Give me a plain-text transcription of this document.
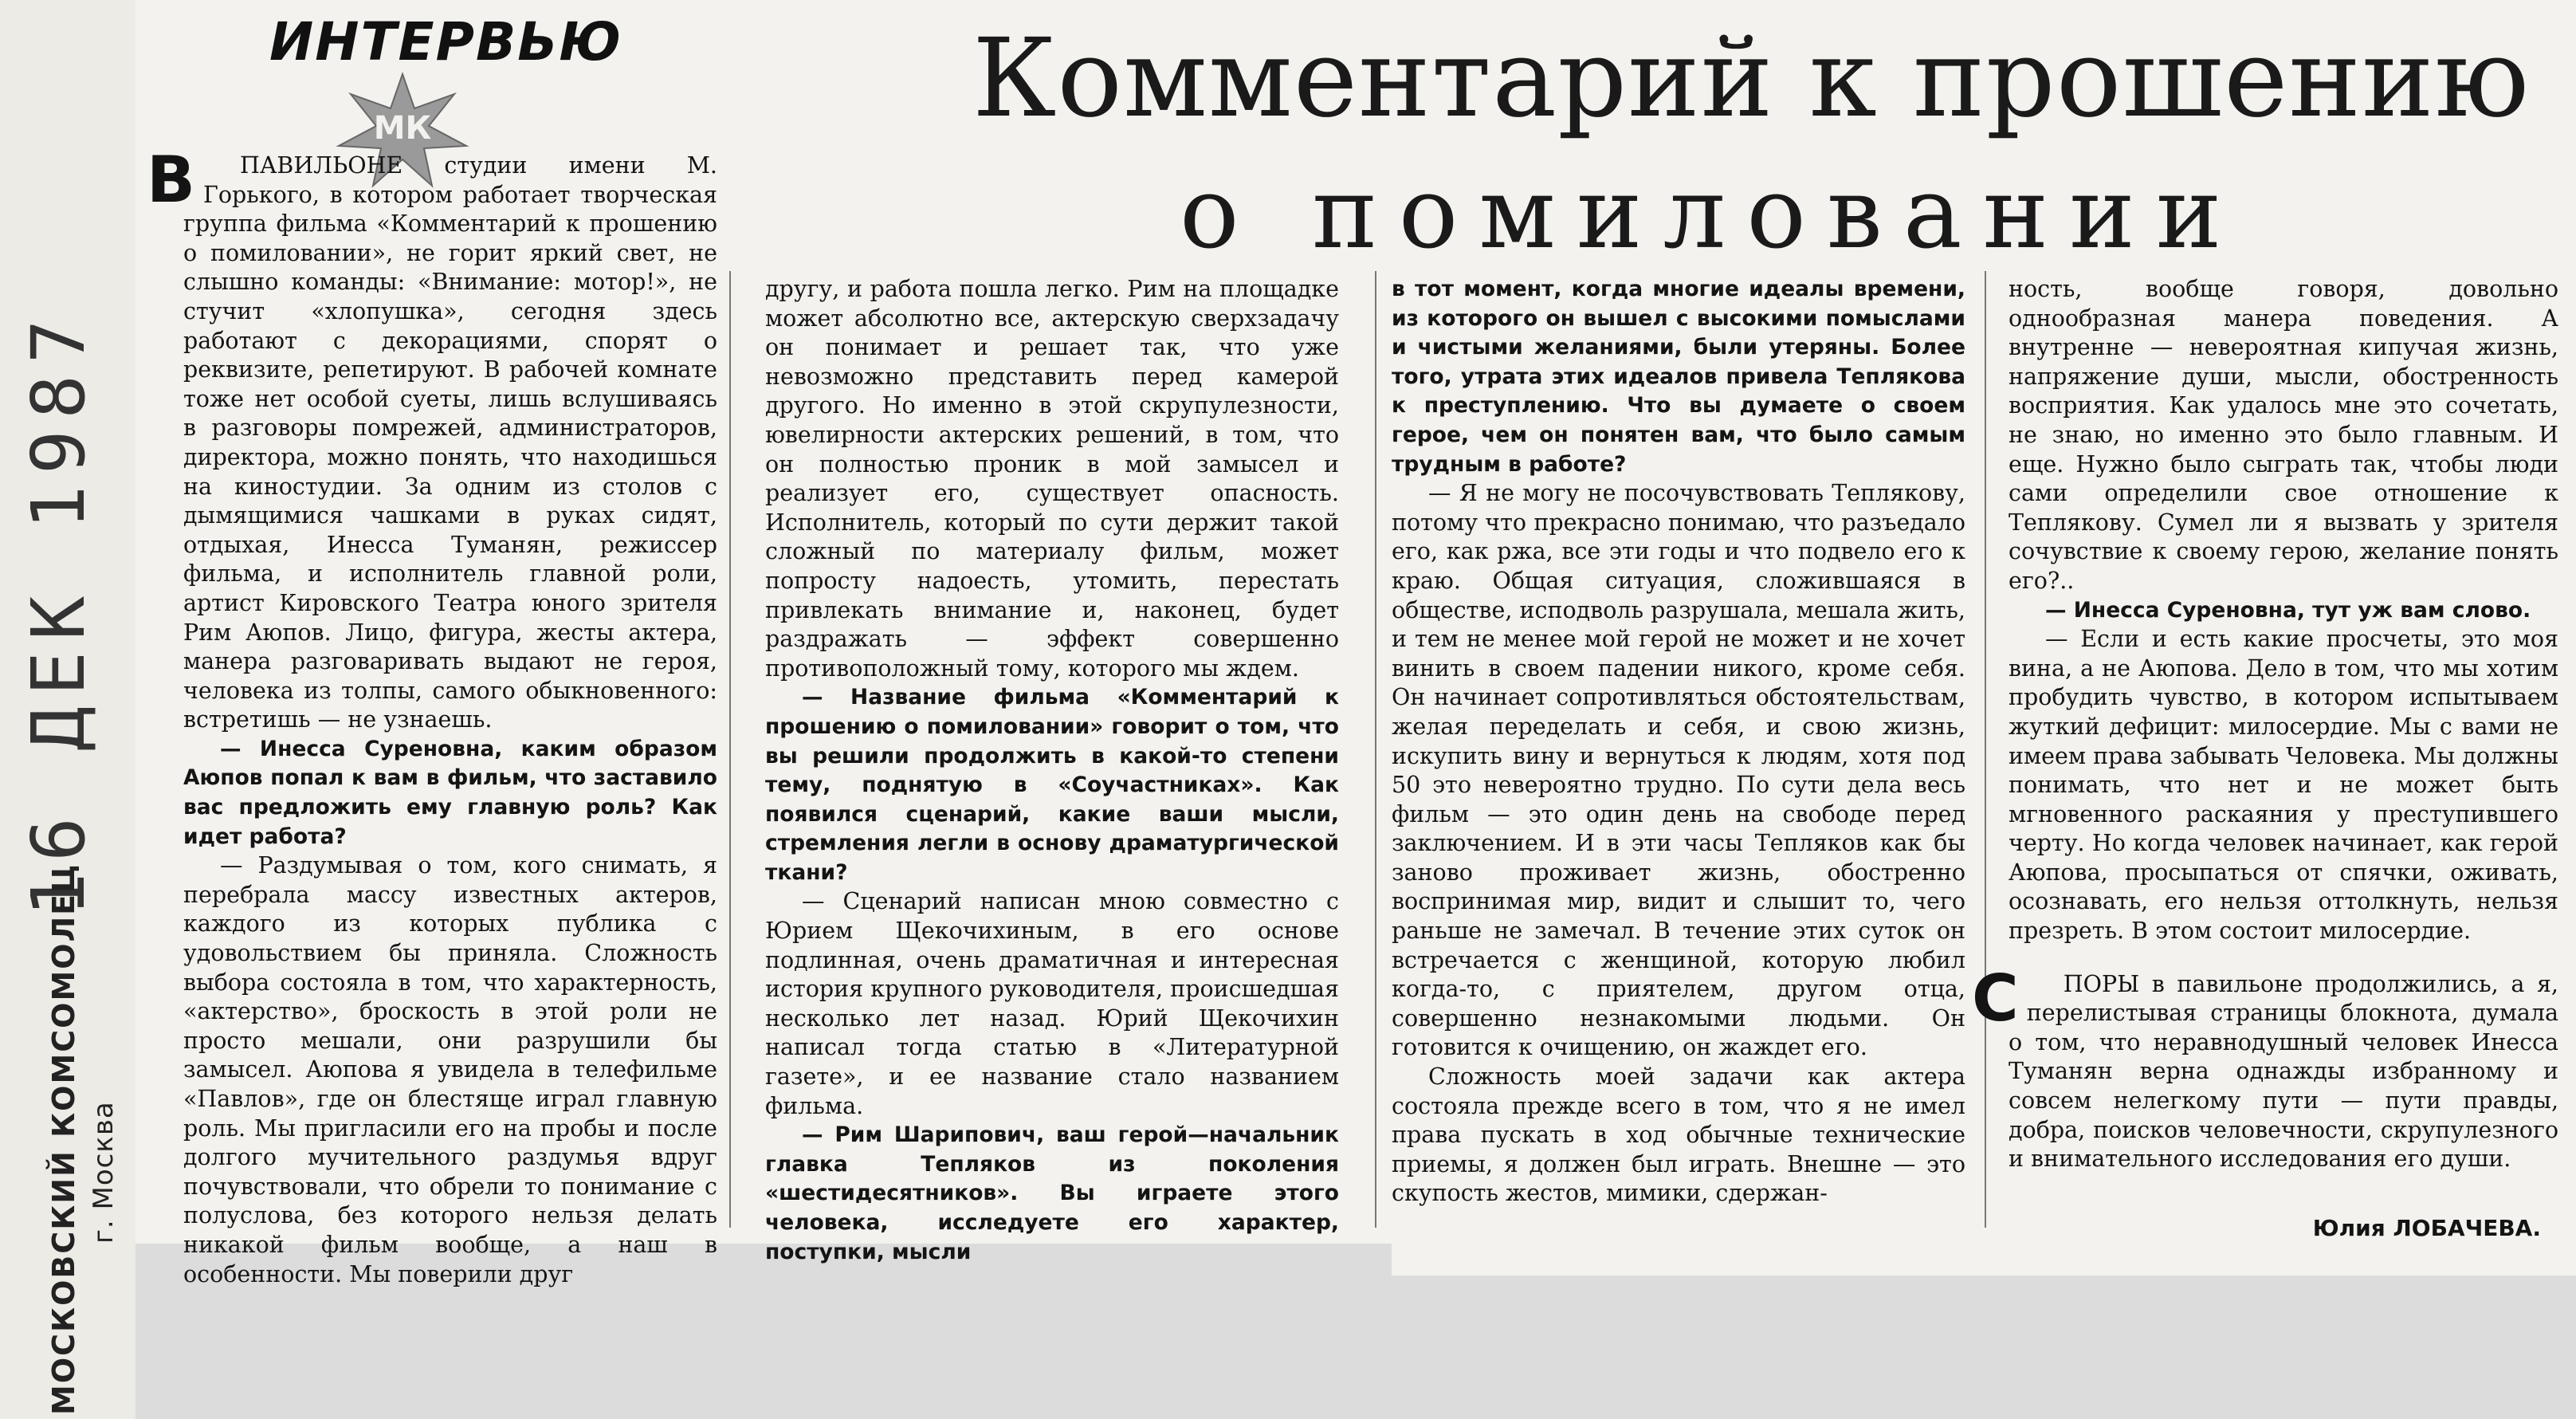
16 ДЕК 1987
МОСКОВСКИЙ КОМСОМОЛЕЦ г. Москва
ИНТЕРВЬЮ
МК	Комментарий к прошению
о помиловании

В ПАВИЛЬОНЕ студии имени М. Горького, в котором работает творческая группа фильма «Комментарий к прошению о помиловании», не горит яркий свет, не слышно команды: «Внимание: мотор!», не стучит «хлопушка», сегодня здесь работают с декорациями, спорят о реквизите, репетируют. В рабочей комнате тоже нет особой суеты, лишь вслушиваясь в разговоры помрежей, администраторов, директора, можно понять, что находишься на киностудии. За одним из столов с дымящимися чашками в руках сидят, отдыхая, Инесса Туманян, режиссер фильма, и исполнитель главной роли, артист Кировского Театра юного зрителя Рим Аюпов. Лицо, фигура, жесты актера, манера разговаривать выдают не героя, человека из толпы, самого обыкновенного: встретишь — не узнаешь.

— Инесса Суреновна, каким образом Аюпов попал к вам в фильм, что заставило вас предложить ему главную роль? Как идет работа?

— Раздумывая о том, кого снимать, я перебрала массу известных актеров, каждого из которых публика с удовольствием бы приняла. Сложность выбора состояла в том, что характерность, «актерство», броскость в этой роли не просто мешали, они разрушили бы замысел. Аюпова я увидела в телефильме «Павлов», где он блестяще играл главную роль. Мы пригласили его на пробы и после долгого мучительного раздумья вдруг почувствовали, что обрели то понимание с полуслова, без которого нельзя делать никакой фильм вообще, а наш в особенности. Мы поверили друг

другу, и работа пошла легко. Рим на площадке может абсолютно все, актерскую сверхзадачу он понимает и решает так, что уже невозможно представить перед камерой другого. Но именно в этой скрупулезности, ювелирности актерских решений, в том, что он полностью проник в мой замысел и реализует его, существует опасность. Исполнитель, который по сути держит такой сложный по материалу фильм, может попросту надоесть, утомить, перестать привлекать внимание и, наконец, будет раздражать — эффект совершенно противоположный тому, которого мы ждем.

— Название фильма «Комментарий к прошению о помиловании» говорит о том, что вы решили продолжить в какой-то степени тему, поднятую в «Соучастниках». Как появился сценарий, какие ваши мысли, стремления легли в основу драматургической ткани?

— Сценарий написан мною совместно с Юрием Щекочихиным, в его основе подлинная, очень драматичная и интересная история крупного руководителя, происшедшая несколько лет назад. Юрий Щекочихин написал тогда статью в «Литературной газете», и ее название стало названием фильма.

— Рим Шарипович, ваш герой—начальник главка Тепляков из поколения «шестидесятников». Вы играете этого человека, исследуете его характер, поступки, мысли

в тот момент, когда многие идеалы времени, из которого он вышел с высокими помыслами и чистыми желаниями, были утеряны. Более того, утрата этих идеалов привела Теплякова к преступлению. Что вы думаете о своем герое, чем он понятен вам, что было самым трудным в работе?

— Я не могу не посочувствовать Теплякову, потому что прекрасно понимаю, что разъедало его, как ржа, все эти годы и что подвело его к краю. Общая ситуация, сложившаяся в обществе, исподволь разрушала, мешала жить, и тем не менее мой герой не может и не хочет винить в своем падении никого, кроме себя. Он начинает сопротивляться обстоятельствам, желая переделать и себя, и свою жизнь, искупить вину и вернуться к людям, хотя под 50 это невероятно трудно. По сути дела весь фильм — это один день на свободе перед заключением. И в эти часы Тепляков как бы заново проживает жизнь, обостренно воспринимая мир, видит и слышит то, чего раньше не замечал. В течение этих суток он встречается с женщиной, которую любил когда-то, с приятелем, другом отца, совершенно незнакомыми людьми. Он готовится к очищению, он жаждет его.

Сложность моей задачи как актера состояла прежде всего в том, что я не имел права пускать в ход обычные технические приемы, я должен был играть. Внешне — это скупость жестов, мимики, сдержан-

ность, вообще говоря, довольно однообразная манера поведения. А внутренне — невероятная кипучая жизнь, напряжение души, мысли, обостренность восприятия. Как удалось мне это сочетать, не знаю, но именно это было главным. И еще. Нужно было сыграть так, чтобы люди сами определили свое отношение к Теплякову. Сумел ли я вызвать у зрителя сочувствие к своему герою, желание понять его?..

— Инесса Суреновна, тут уж вам слово.

— Если и есть какие просчеты, это моя вина, а не Аюпова. Дело в том, что мы хотим пробудить чувство, в котором испытываем жуткий дефицит: милосердие. Мы с вами не имеем права забывать Человека. Мы должны понимать, что нет и не может быть мгновенного раскаяния у преступившего черту. Но когда человек начинает, как герой Аюпова, просыпаться от спячки, оживать, осознавать, его нельзя оттолкнуть, нельзя презреть. В этом состоит милосердие.

С ПОРЫ в павильоне продолжились, а я, перелистывая страницы блокнота, думала о том, что неравнодушный человек Инесса Туманян верна однажды избранному и совсем нелегкому пути — пути правды, добра, поисков человечности, скрупулезного и внимательного исследования его души.

Юлия ЛОБАЧЕВА.
